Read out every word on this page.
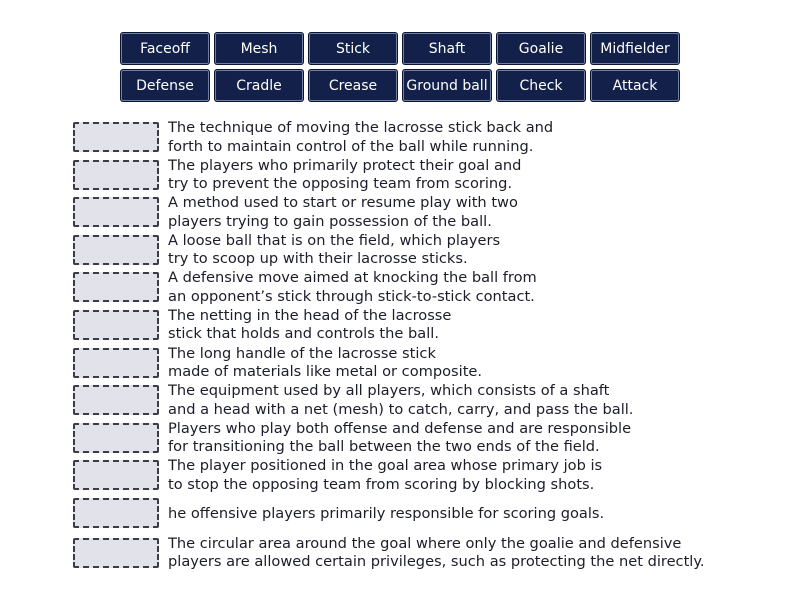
Faceoff	Mesh	Stick	Shaft	Goalie	Midfielder
Defense	Cradle	Crease	Ground ball	Check	Attack
The technique of moving the lacrosse stick back and
forth to maintain control of the ball while running.
The players who primarily protect their goal and
try to prevent the opposing team from scoring.
A method used to start or resume play with two
players trying to gain possession of the ball.
A loose ball that is on the field, which players
try to scoop up with their lacrosse sticks.
A defensive move aimed at knocking the ball from
an opponent’s stick through stick-to-stick contact.
The netting in the head of the lacrosse
stick that holds and controls the ball.
The long handle of the lacrosse stick
made of materials like metal or composite.
The equipment used by all players, which consists of a shaft
and a head with a net (mesh) to catch, carry, and pass the ball.
Players who play both offense and defense and are responsible
for transitioning the ball between the two ends of the field.
The player positioned in the goal area whose primary job is
to stop the opposing team from scoring by blocking shots.
he offensive players primarily responsible for scoring goals.
The circular area around the goal where only the goalie and defensive
players are allowed certain privileges, such as protecting the net directly.
